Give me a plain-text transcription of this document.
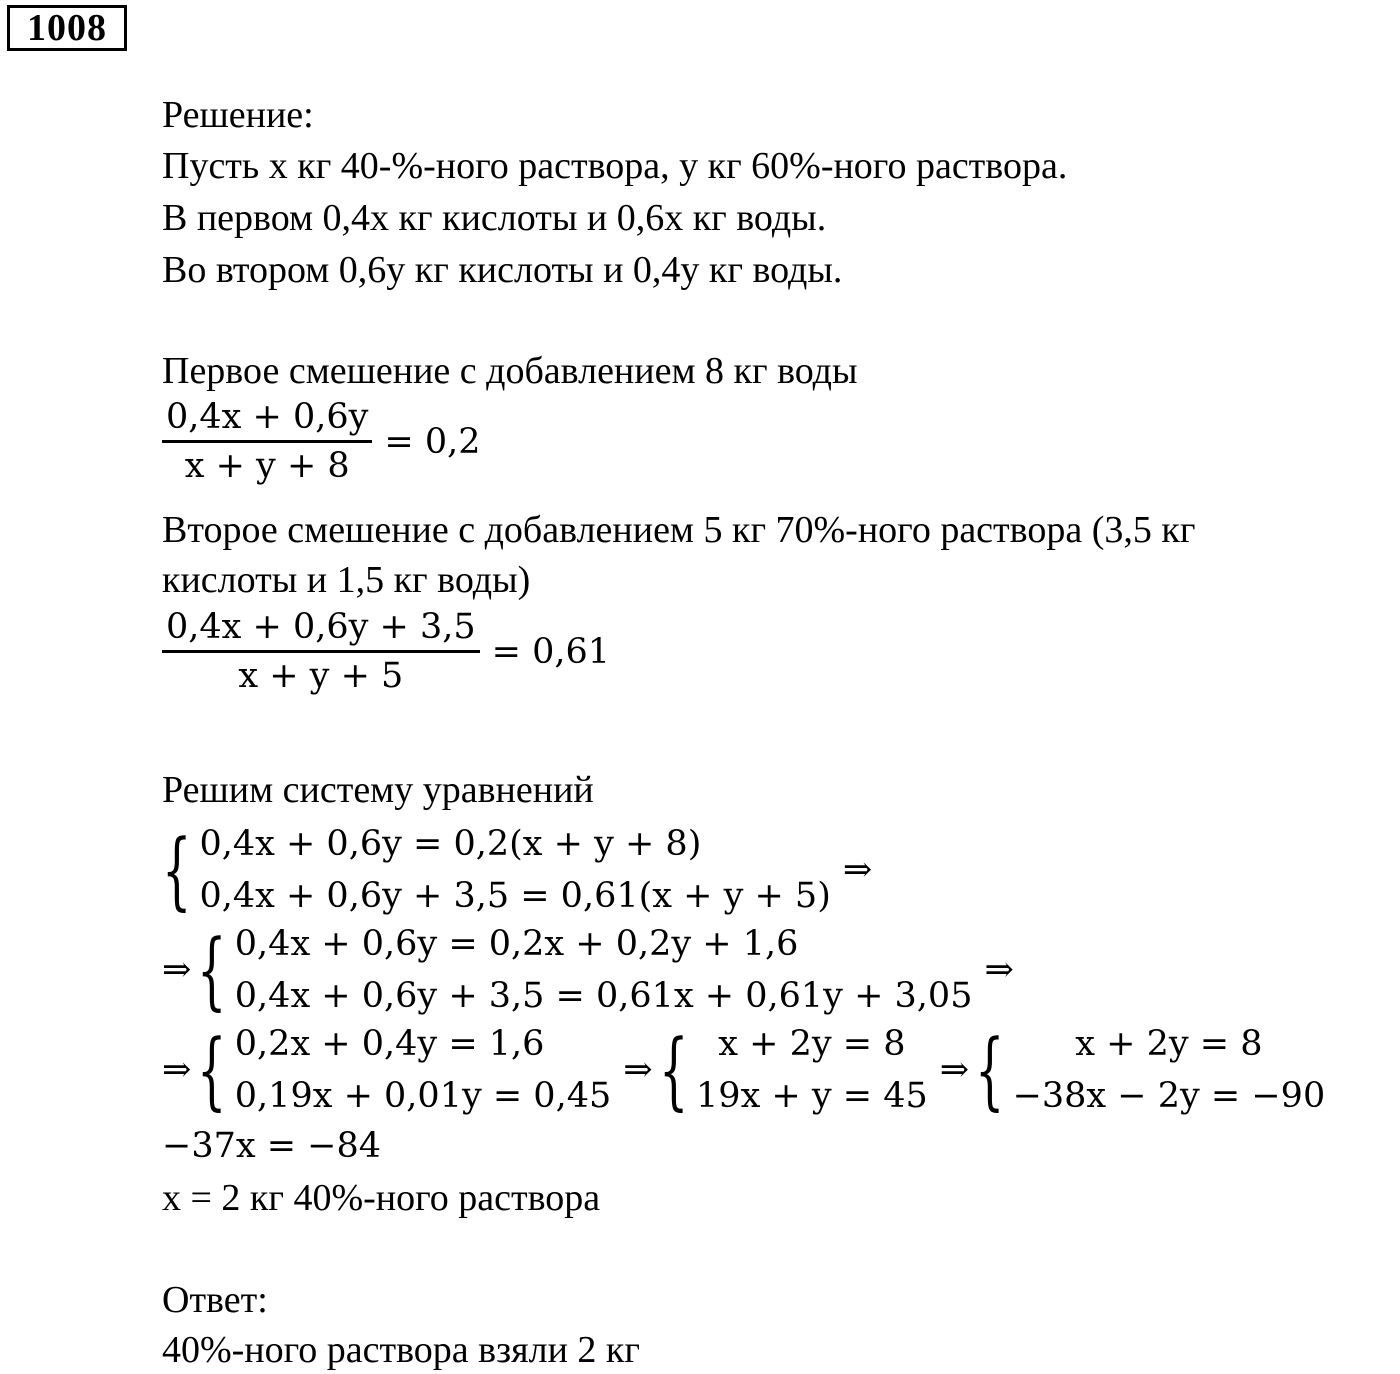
1008
Решение:
Пусть x кг 40-%-ного раствора, y кг 60%-ного раствора.
В первом 0,4x кг кислоты и 0,6x кг воды.
Во втором 0,6y кг кислоты и 0,4y кг воды.
Первое смешение с добавлением 8 кг воды
$\frac{0,4x + 0,6y}{x + y + 8} = 0,2$
Второе смешение с добавлением 5 кг 70%-ного раствора (3,5 кг
кислоты и 1,5 кг воды)
$\frac{0,4x + 0,6y + 3,5}{x + y + 5} = 0,61$
Решим систему уравнений
{ 0,4x + 0,6y = 0,2(x + y + 8)
0,4x + 0,6y + 3,5 = 0,61(x + y + 5)
⇒
⇒ { 0,4x + 0,6y = 0,2x + 0,2y + 1,6
0,4x + 0,6y + 3,5 = 0,61x + 0,61y + 3,05
⇒
⇒ { 0,2x + 0,4y = 1,6
0,19x + 0,01y = 0,45
⇒ { x + 2y = 8
19x + y = 45
⇒ {	x + 2y = 8
−38x − 2y = −90
−37x = −84
x = 2 кг 40%-ного раствора
Ответ:
40%-ного раствора взяли 2 кг
